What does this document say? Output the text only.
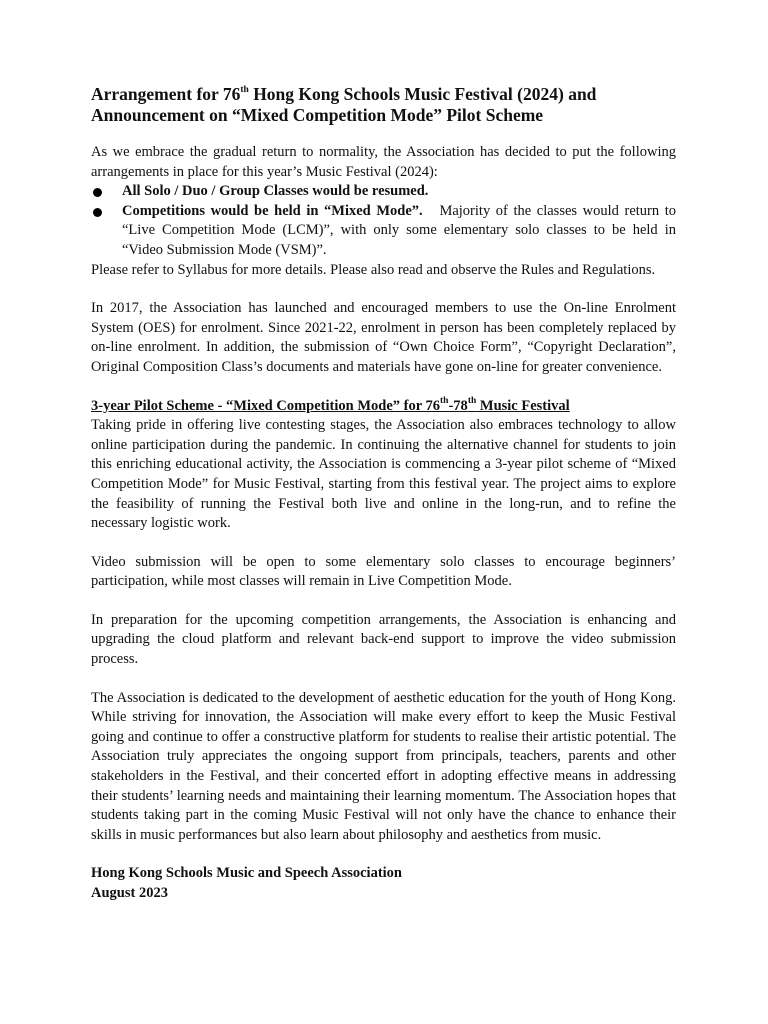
Arrangement for 76th Hong Kong Schools Music Festival (2024) and
Announcement on “Mixed Competition Mode” Pilot Scheme

As we embrace the gradual return to normality, the Association has decided to put the following arrangements in place for this year’s Music Festival (2024):

All Solo / Duo / Group Classes would be resumed.
Competitions would be held in “Mixed Mode”.   Majority of the classes would return to “Live Competition Mode (LCM)”, with only some elementary solo classes to be held in “Video Submission Mode (VSM)”.

Please refer to Syllabus for more details. Please also read and observe the Rules and Regulations.

In 2017, the Association has launched and encouraged members to use the On-line Enrolment System (OES) for enrolment. Since 2021-22, enrolment in person has been completely replaced by on-line enrolment. In addition, the submission of “Own Choice Form”, “Copyright Declaration”, Original Composition Class’s documents and materials have gone on-line for greater convenience.

3-year Pilot Scheme - “Mixed Competition Mode” for 76th-78th Music Festival

Taking pride in offering live contesting stages, the Association also embraces technology to allow online participation during the pandemic. In continuing the alternative channel for students to join this enriching educational activity, the Association is commencing a 3-year pilot scheme of “Mixed Competition Mode” for Music Festival, starting from this festival year. The project aims to explore the feasibility of running the Festival both live and online in the long-run, and to refine the necessary logistic work.

Video submission will be open to some elementary solo classes to encourage beginners’ participation, while most classes will remain in Live Competition Mode.

In preparation for the upcoming competition arrangements, the Association is enhancing and upgrading the cloud platform and relevant back-end support to improve the video submission process.

The Association is dedicated to the development of aesthetic education for the youth of Hong Kong. While striving for innovation, the Association will make every effort to keep the Music Festival going and continue to offer a constructive platform for students to realise their artistic potential. The Association truly appreciates the ongoing support from principals, teachers, parents and other stakeholders in the Festival, and their concerted effort in adopting effective means in addressing their students’ learning needs and maintaining their learning momentum. The Association hopes that students taking part in the coming Music Festival will not only have the chance to enhance their skills in music performances but also learn about philosophy and aesthetics from music.

Hong Kong Schools Music and Speech Association
August 2023
